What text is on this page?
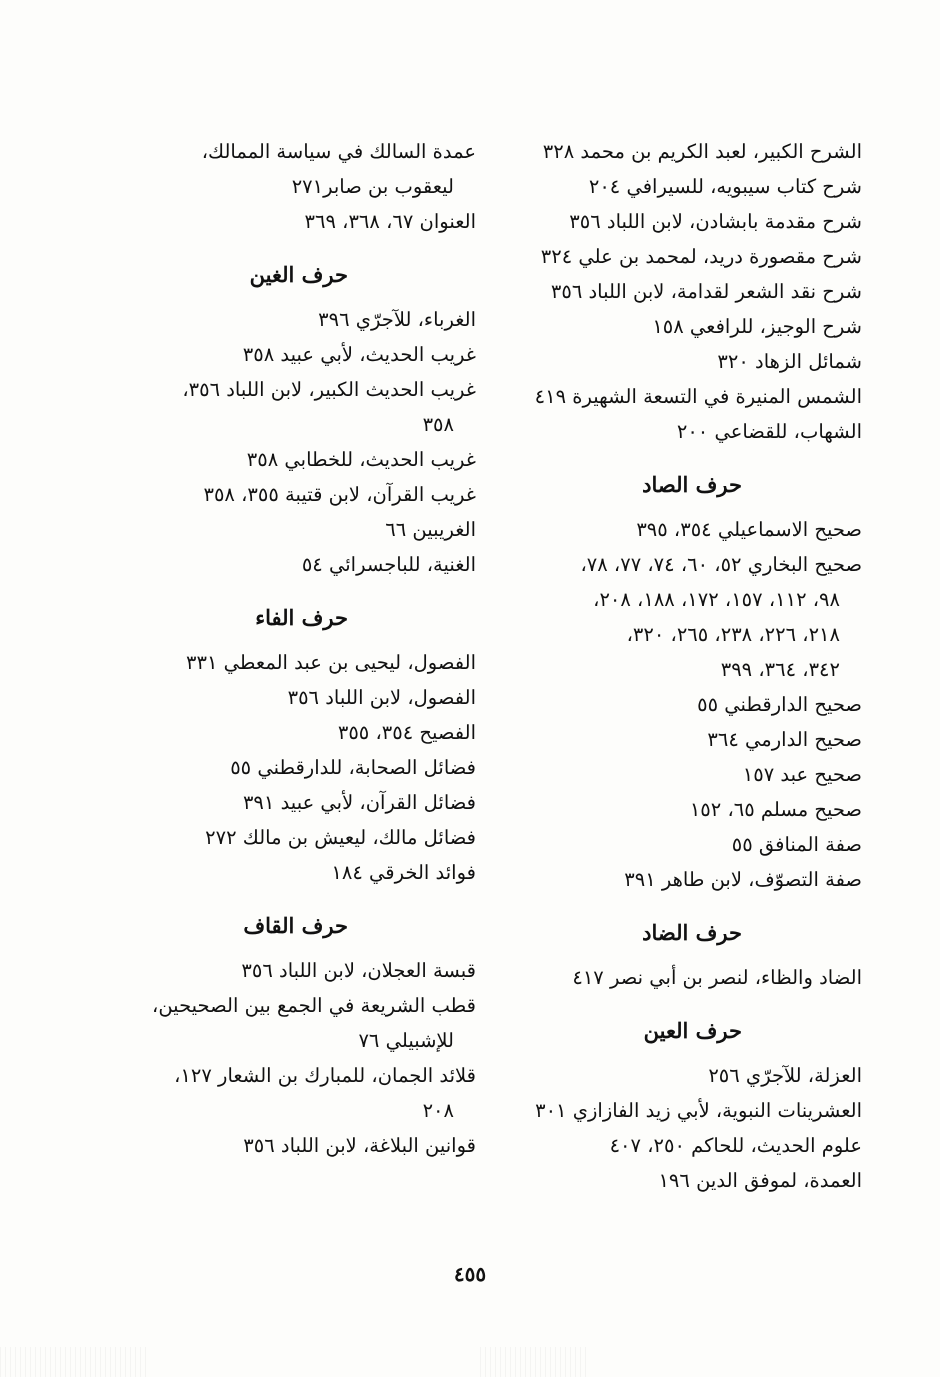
الشرح الكبير، لعبد الكريم بن محمد ٣٢٨
شرح كتاب سيبويه، للسيرافي ٢٠٤
شرح مقدمة بابشادن، لابن اللباد ٣٥٦
شرح مقصورة دريد، لمحمد بن علي ٣٢٤
شرح نقد الشعر لقدامة، لابن اللباد ٣٥٦
شرح الوجيز، للرافعي ١٥٨
شمائل الزهاد ٣٢٠
الشمس المنيرة في التسعة الشهيرة ٤١٩
الشهاب، للقضاعي ٢٠٠
حرف الصاد
صحيح الاسماعيلي ٣٥٤، ٣٩٥
صحيح البخاري ٥٢، ٦٠، ٧٤، ٧٧، ٧٨،
٩٨، ١١٢، ١٥٧، ١٧٢، ١٨٨، ٢٠٨،
٢١٨، ٢٢٦، ٢٣٨، ٢٦٥، ٣٢٠،
٣٤٢، ٣٦٤، ٣٩٩
صحيح الدارقطني ٥٥
صحيح الدارمي ٣٦٤
صحيح عبد ١٥٧
صحيح مسلم ٦٥، ١٥٢
صفة المنافق ٥٥
صفة التصوّف، لابن طاهر ٣٩١
حرف الضاد
الضاد والظاء، لنصر بن أبي نصر ٤١٧
حرف العين
العزلة، للآجرّي ٢٥٦
العشرينات النبوية، لأبي زيد الفازازي ٣٠١
علوم الحديث، للحاكم ٢٥٠، ٤٠٧
العمدة، لموفق الدين ١٩٦
عمدة السالك في سياسة الممالك،
ليعقوب بن صابر٢٧١
العنوان ٦٧، ٣٦٨، ٣٦٩
حرف الغين
الغرباء، للآجرّي ٣٩٦
غريب الحديث، لأبي عبيد ٣٥٨
غريب الحديث الكبير، لابن اللباد ٣٥٦،
٣٥٨
غريب الحديث، للخطابي ٣٥٨
غريب القرآن، لابن قتيبة ٣٥٥، ٣٥٨
الغريبين ٦٦
الغنية، للباجسرائي ٥٤
حرف الفاء
الفصول، ليحيى بن عبد المعطي ٣٣١
الفصول، لابن اللباد ٣٥٦
الفصيح ٣٥٤، ٣٥٥
فضائل الصحابة، للدارقطني ٥٥
فضائل القرآن، لأبي عبيد ٣٩١
فضائل مالك، ليعيش بن مالك ٢٧٢
فوائد الخرقي ١٨٤
حرف القاف
قبسة العجلان، لابن اللباد ٣٥٦
قطب الشريعة في الجمع بين الصحيحين،
للإشبيلي ٧٦
قلائد الجمان، للمبارك بن الشعار ١٢٧،
٢٠٨
قوانين البلاغة، لابن اللباد ٣٥٦
٤٥٥
